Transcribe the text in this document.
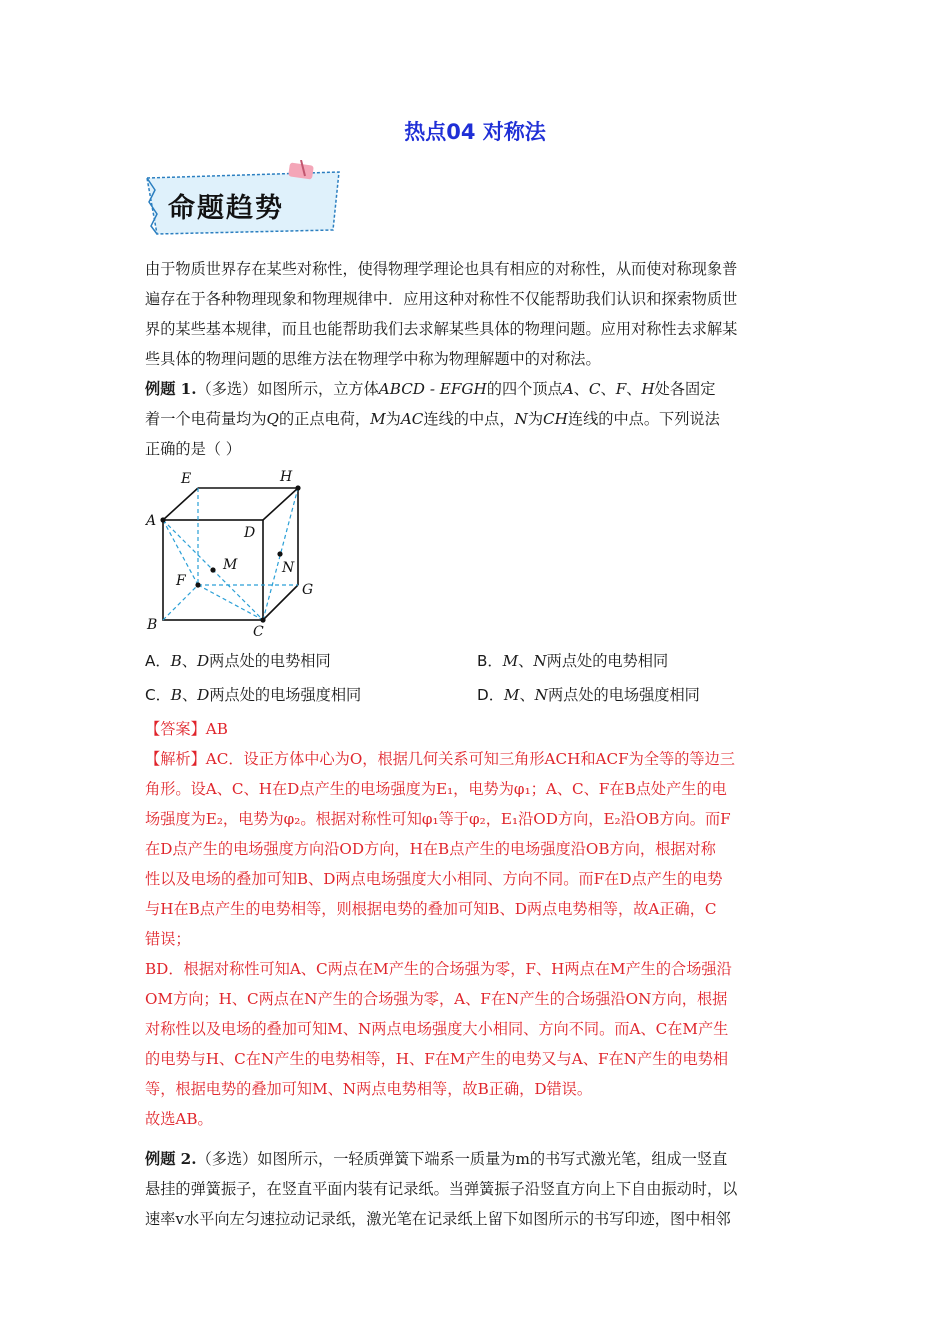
热点04 对称法
命题趋势

由于物质世界存在某些对称性，使得物理学理论也具有相应的对称性，从而使对称现象普

遍存在于各种物理现象和物理规律中．应用这种对称性不仅能帮助我们认识和探索物质世

界的某些基本规律，而且也能帮助我们去求解某些具体的物理问题。应用对称性去求解某

些具体的物理问题的思维方法在物理学中称为物理解题中的对称法。

例题 1.（多选）如图所示，立方体ABCD - EFGH的四个顶点A、C、F、H处各固定

着一个电荷量均为Q的正点电荷，M为AC连线的中点，N为CH连线的中点。下列说法

正确的是（ ）

E	H
A
D
M	N
F
G
B	C
A．B、D两点处的电势相同	B．M、N两点处的电势相同
C．B、D两点处的电场强度相同	D．M、N两点处的电场强度相同

【答案】AB

【解析】AC．设正方体中心为O，根据几何关系可知三角形ACH和ACF为全等的等边三

角形。设A、C、H在D点产生的电场强度为E₁，电势为φ₁；A、C、F在B点处产生的电

场强度为E₂，电势为φ₂。根据对称性可知φ₁等于φ₂，E₁沿OD方向，E₂沿OB方向。而F

在D点产生的电场强度方向沿OD方向，H在B点产生的电场强度沿OB方向，根据对称

性以及电场的叠加可知B、D两点电场强度大小相同、方向不同。而F在D点产生的电势

与H在B点产生的电势相等，则根据电势的叠加可知B、D两点电势相等，故A正确，C

错误；

BD．根据对称性可知A、C两点在M产生的合场强为零，F、H两点在M产生的合场强沿

OM方向；H、C两点在N产生的合场强为零，A、F在N产生的合场强沿ON方向，根据

对称性以及电场的叠加可知M、N两点电场强度大小相同、方向不同。而A、C在M产生

的电势与H、C在N产生的电势相等，H、F在M产生的电势又与A、F在N产生的电势相

等，根据电势的叠加可知M、N两点电势相等，故B正确，D错误。

故选AB。

例题 2.（多选）如图所示，一轻质弹簧下端系一质量为m的书写式激光笔，组成一竖直

悬挂的弹簧振子，在竖直平面内装有记录纸。当弹簧振子沿竖直方向上下自由振动时，以

速率v水平向左匀速拉动记录纸，激光笔在记录纸上留下如图所示的书写印迹，图中相邻
